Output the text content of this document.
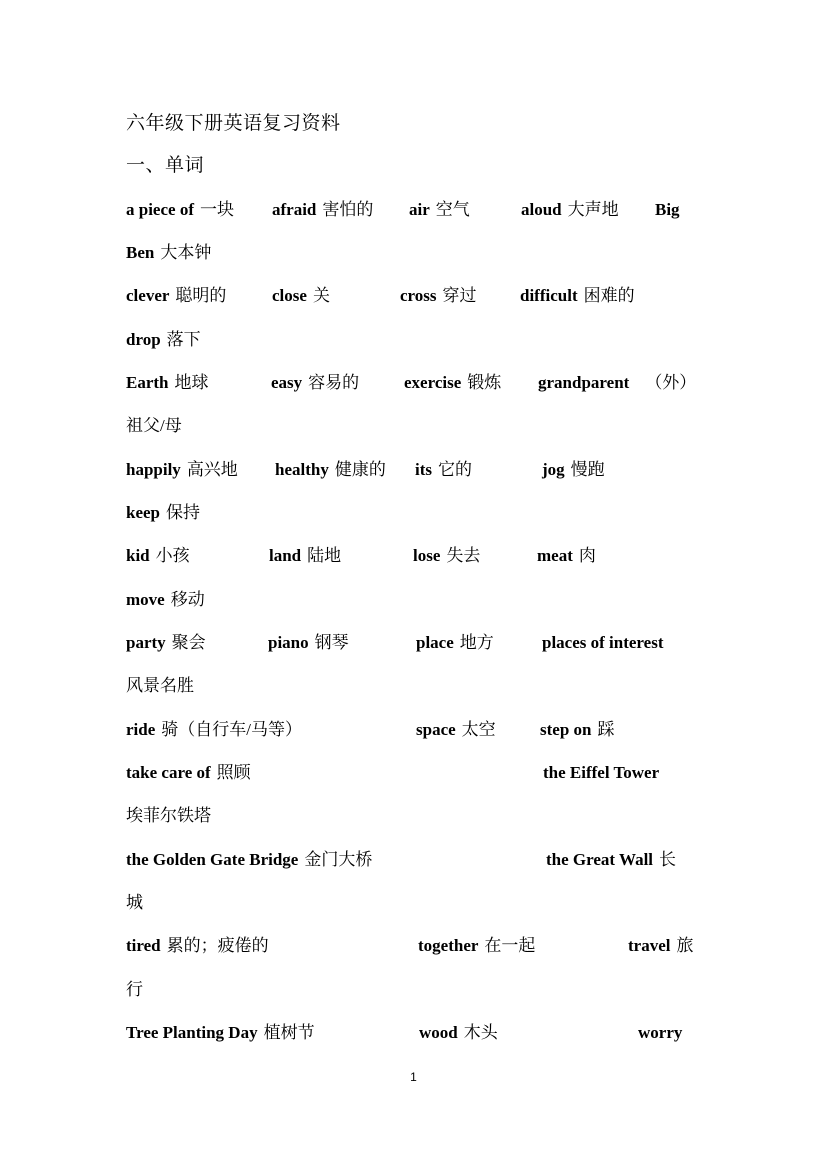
六年级下册英语复习资料
一、单词
a piece of 一块 afraid 害怕的 air 空气	aloud 大声地 Big
Ben 大本钟
clever 聪明的	close 关	cross 穿过	difficult 困难的
drop 落下
Earth 地球	easy 容易的	exercise 锻炼 grandparent （外）
祖父/母
happily 高兴地 healthy 健康的 its 它的	jog 慢跑
keep 保持
kid 小孩	land 陆地	lose 失去	meat 肉
move 移动
party 聚会	piano 钢琴	place 地方	places of interest
风景名胜
ride 骑（自行车/马等）	space 太空	step on 踩
take care of 照顾	the Eiffel Tower
埃菲尔铁塔
the Golden Gate Bridge 金门大桥	the Great Wall 长
城
tired 累的；疲倦的	together 在一起	travel 旅
行
Tree Planting Day 植树节	wood 木头	worry
1
